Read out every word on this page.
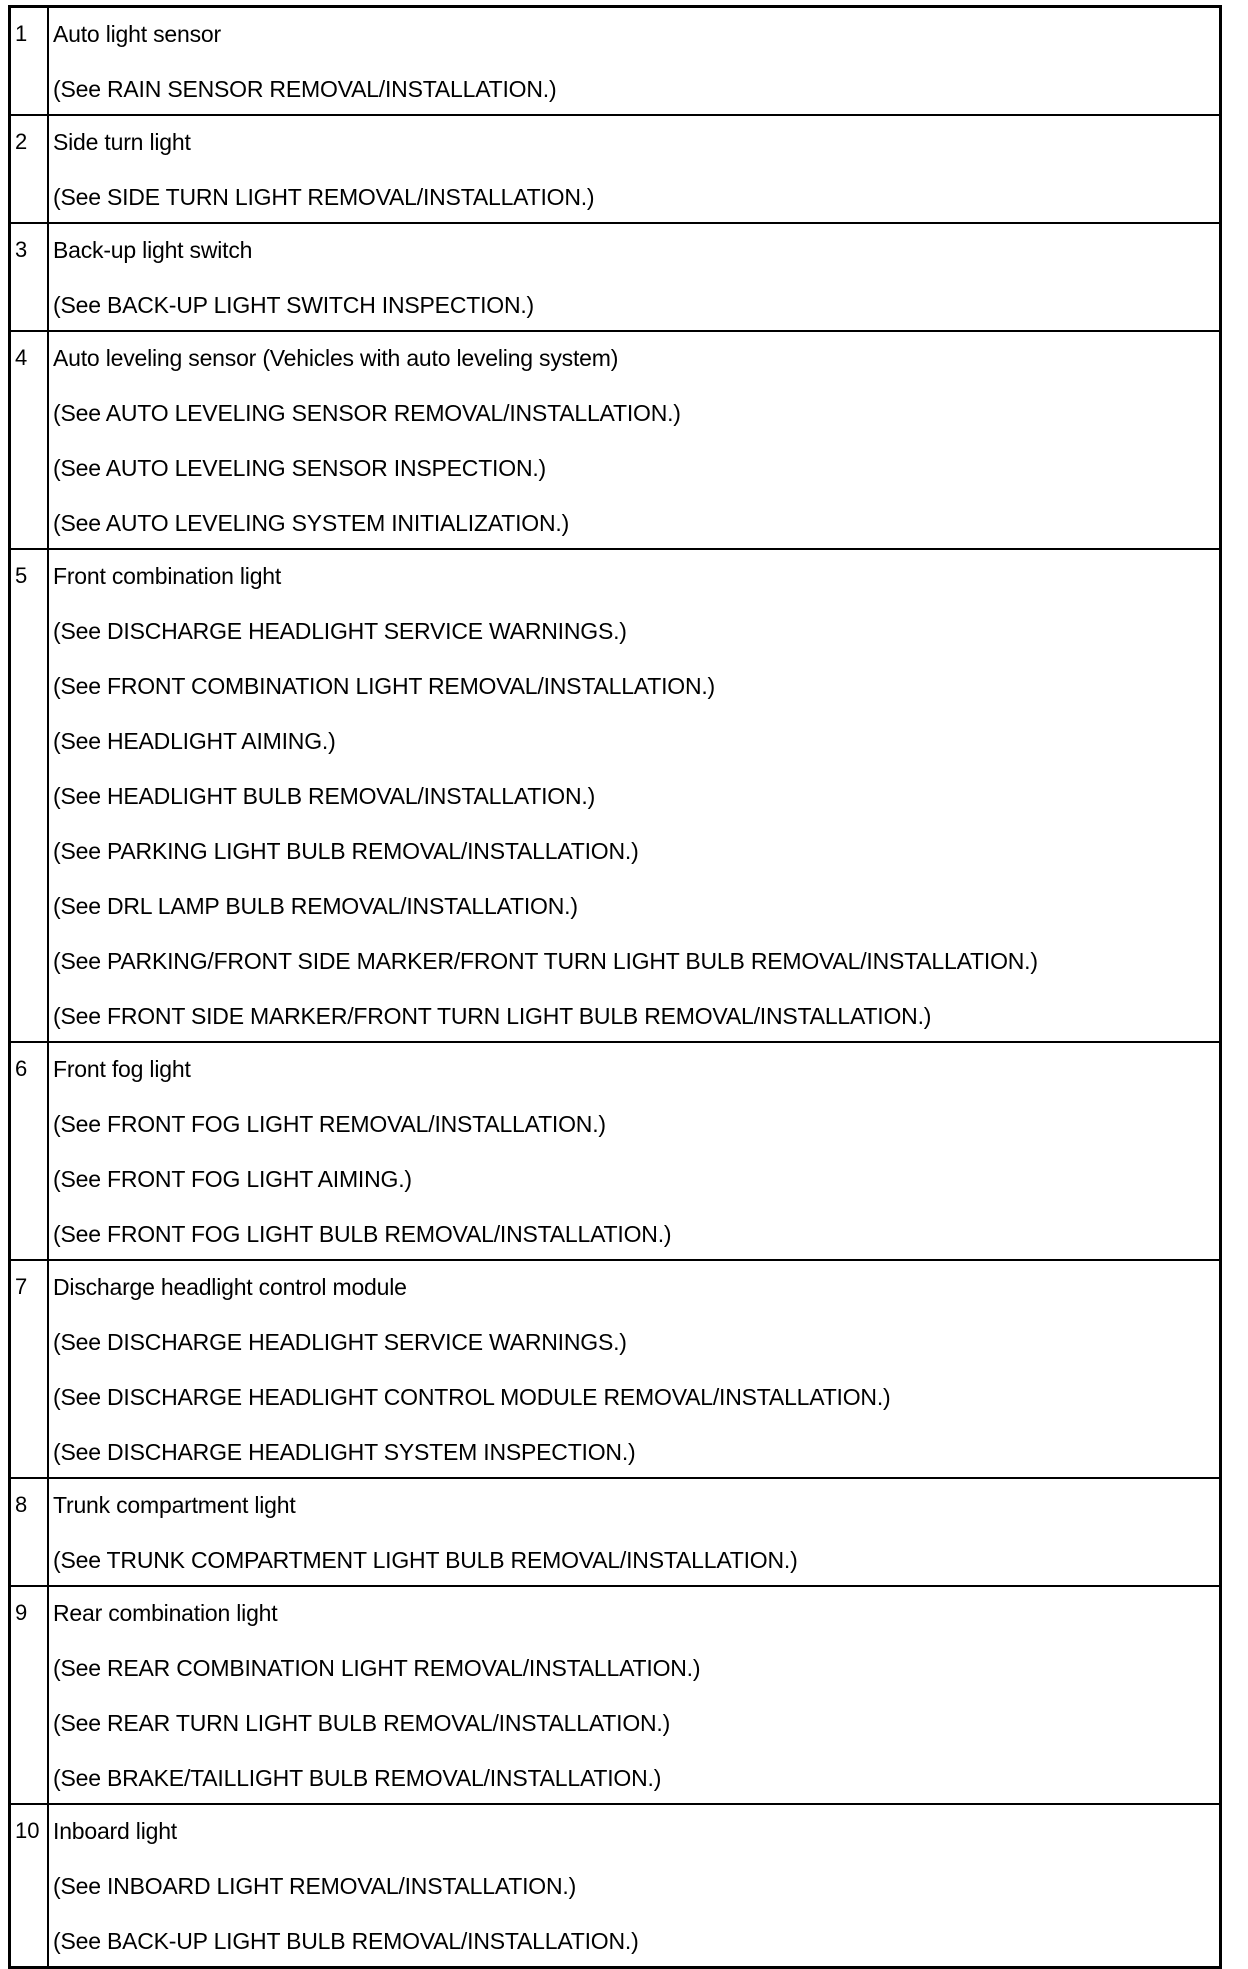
1	Auto light sensor
(See RAIN SENSOR REMOVAL/INSTALLATION.)
2	Side turn light
(See SIDE TURN LIGHT REMOVAL/INSTALLATION.)
3	Back-up light switch
(See BACK-UP LIGHT SWITCH INSPECTION.)
4	Auto leveling sensor (Vehicles with auto leveling system)
(See AUTO LEVELING SENSOR REMOVAL/INSTALLATION.)
(See AUTO LEVELING SENSOR INSPECTION.)
(See AUTO LEVELING SYSTEM INITIALIZATION.)
5	Front combination light
(See DISCHARGE HEADLIGHT SERVICE WARNINGS.)
(See FRONT COMBINATION LIGHT REMOVAL/INSTALLATION.)
(See HEADLIGHT AIMING.)
(See HEADLIGHT BULB REMOVAL/INSTALLATION.)
(See PARKING LIGHT BULB REMOVAL/INSTALLATION.)
(See DRL LAMP BULB REMOVAL/INSTALLATION.)
(See PARKING/FRONT SIDE MARKER/FRONT TURN LIGHT BULB REMOVAL/INSTALLATION.)
(See FRONT SIDE MARKER/FRONT TURN LIGHT BULB REMOVAL/INSTALLATION.)
6	Front fog light
(See FRONT FOG LIGHT REMOVAL/INSTALLATION.)
(See FRONT FOG LIGHT AIMING.)
(See FRONT FOG LIGHT BULB REMOVAL/INSTALLATION.)
7	Discharge headlight control module
(See DISCHARGE HEADLIGHT SERVICE WARNINGS.)
(See DISCHARGE HEADLIGHT CONTROL MODULE REMOVAL/INSTALLATION.)
(See DISCHARGE HEADLIGHT SYSTEM INSPECTION.)
8	Trunk compartment light
(See TRUNK COMPARTMENT LIGHT BULB REMOVAL/INSTALLATION.)
9	Rear combination light
(See REAR COMBINATION LIGHT REMOVAL/INSTALLATION.)
(See REAR TURN LIGHT BULB REMOVAL/INSTALLATION.)
(See BRAKE/TAILLIGHT BULB REMOVAL/INSTALLATION.)
10 Inboard light
(See INBOARD LIGHT REMOVAL/INSTALLATION.)
(See BACK-UP LIGHT BULB REMOVAL/INSTALLATION.)
